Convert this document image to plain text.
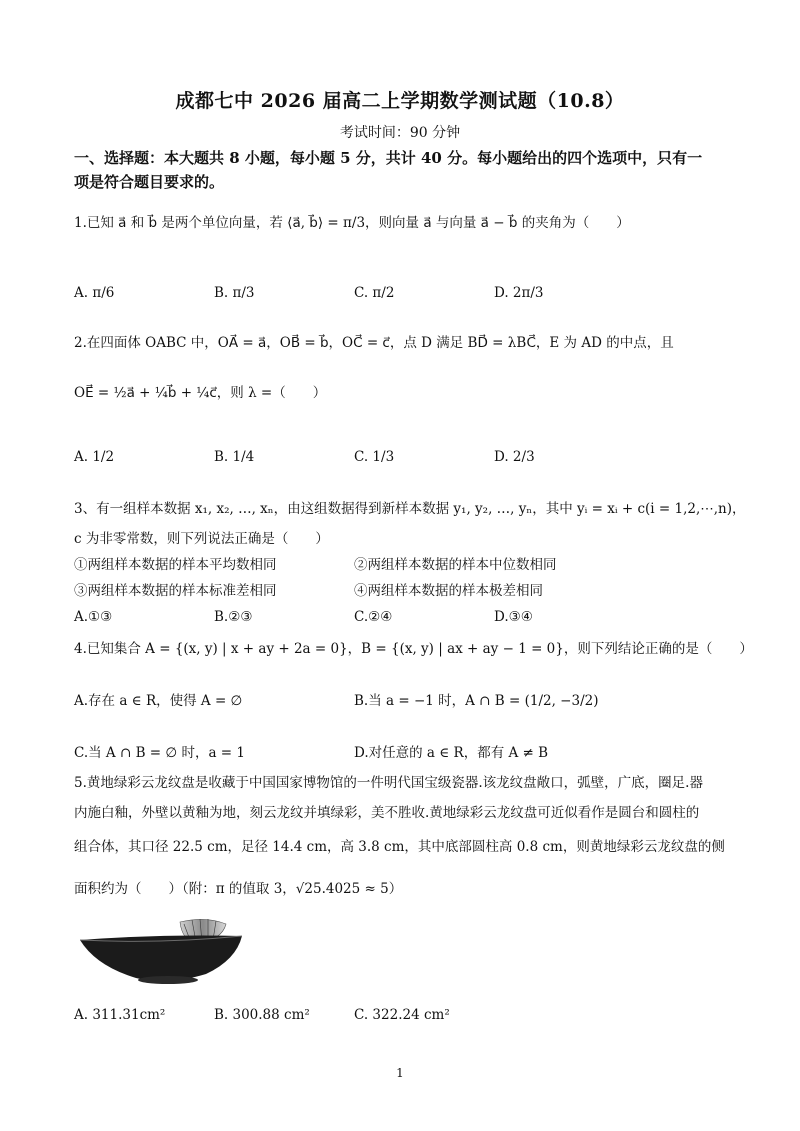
成都七中 2026 届高二上学期数学测试题（10.8）
考试时间：90 分钟
一、选择题：本大题共 8 小题，每小题 5 分，共计 40 分。每小题给出的四个选项中，只有一
项是符合题目要求的。
1.已知 a⃗ 和 b⃗ 是两个单位向量，若 ⟨a⃗, b⃗⟩ = π/3，则向量 a⃗ 与向量 a⃗ − b⃗ 的夹角为（　　）
A. π/6	B. π/3	C. π/2	D. 2π/3
2.在四面体 OABC 中，OA⃗ = a⃗，OB⃗ = b⃗，OC⃗ = c⃗，点 D 满足 BD⃗ = λBC⃗，E 为 AD 的中点，且
OE⃗ = ½a⃗ + ¼b⃗ + ¼c⃗，则 λ =（　　）
A. 1/2	B. 1/4	C. 1/3	D. 2/3
3、有一组样本数据 x₁, x₂, …, xₙ，由这组数据得到新样本数据 y₁, y₂, …, yₙ，其中 yᵢ = xᵢ + c(i = 1,2,⋯,n)，
c 为非零常数，则下列说法正确是（　　）
①两组样本数据的样本平均数相同	②两组样本数据的样本中位数相同
③两组样本数据的样本标准差相同	④两组样本数据的样本极差相同
A.①③	B.②③	C.②④	D.③④
4.已知集合 A = {(x, y) | x + ay + 2a = 0}，B = {(x, y) | ax + ay − 1 = 0}，则下列结论正确的是（　　）
A.存在 a ∈ R，使得 A = ∅	B.当 a = −1 时，A ∩ B = (1/2, −3/2)
C.当 A ∩ B = ∅ 时，a = 1	D.对任意的 a ∈ R，都有 A ≠ B
5.黄地绿彩云龙纹盘是收藏于中国国家博物馆的一件明代国宝级瓷器.该龙纹盘敞口，弧壁，广底，圈足.器
内施白釉，外壁以黄釉为地，刻云龙纹并填绿彩，美不胜收.黄地绿彩云龙纹盘可近似看作是圆台和圆柱的
组合体，其口径 22.5 cm，足径 14.4 cm，高 3.8 cm，其中底部圆柱高 0.8 cm，则黄地绿彩云龙纹盘的侧
面积约为（　　）（附：π 的值取 3，√25.4025 ≈ 5）
A. 311.31cm²	B. 300.88 cm²	C. 322.24 cm²
1
